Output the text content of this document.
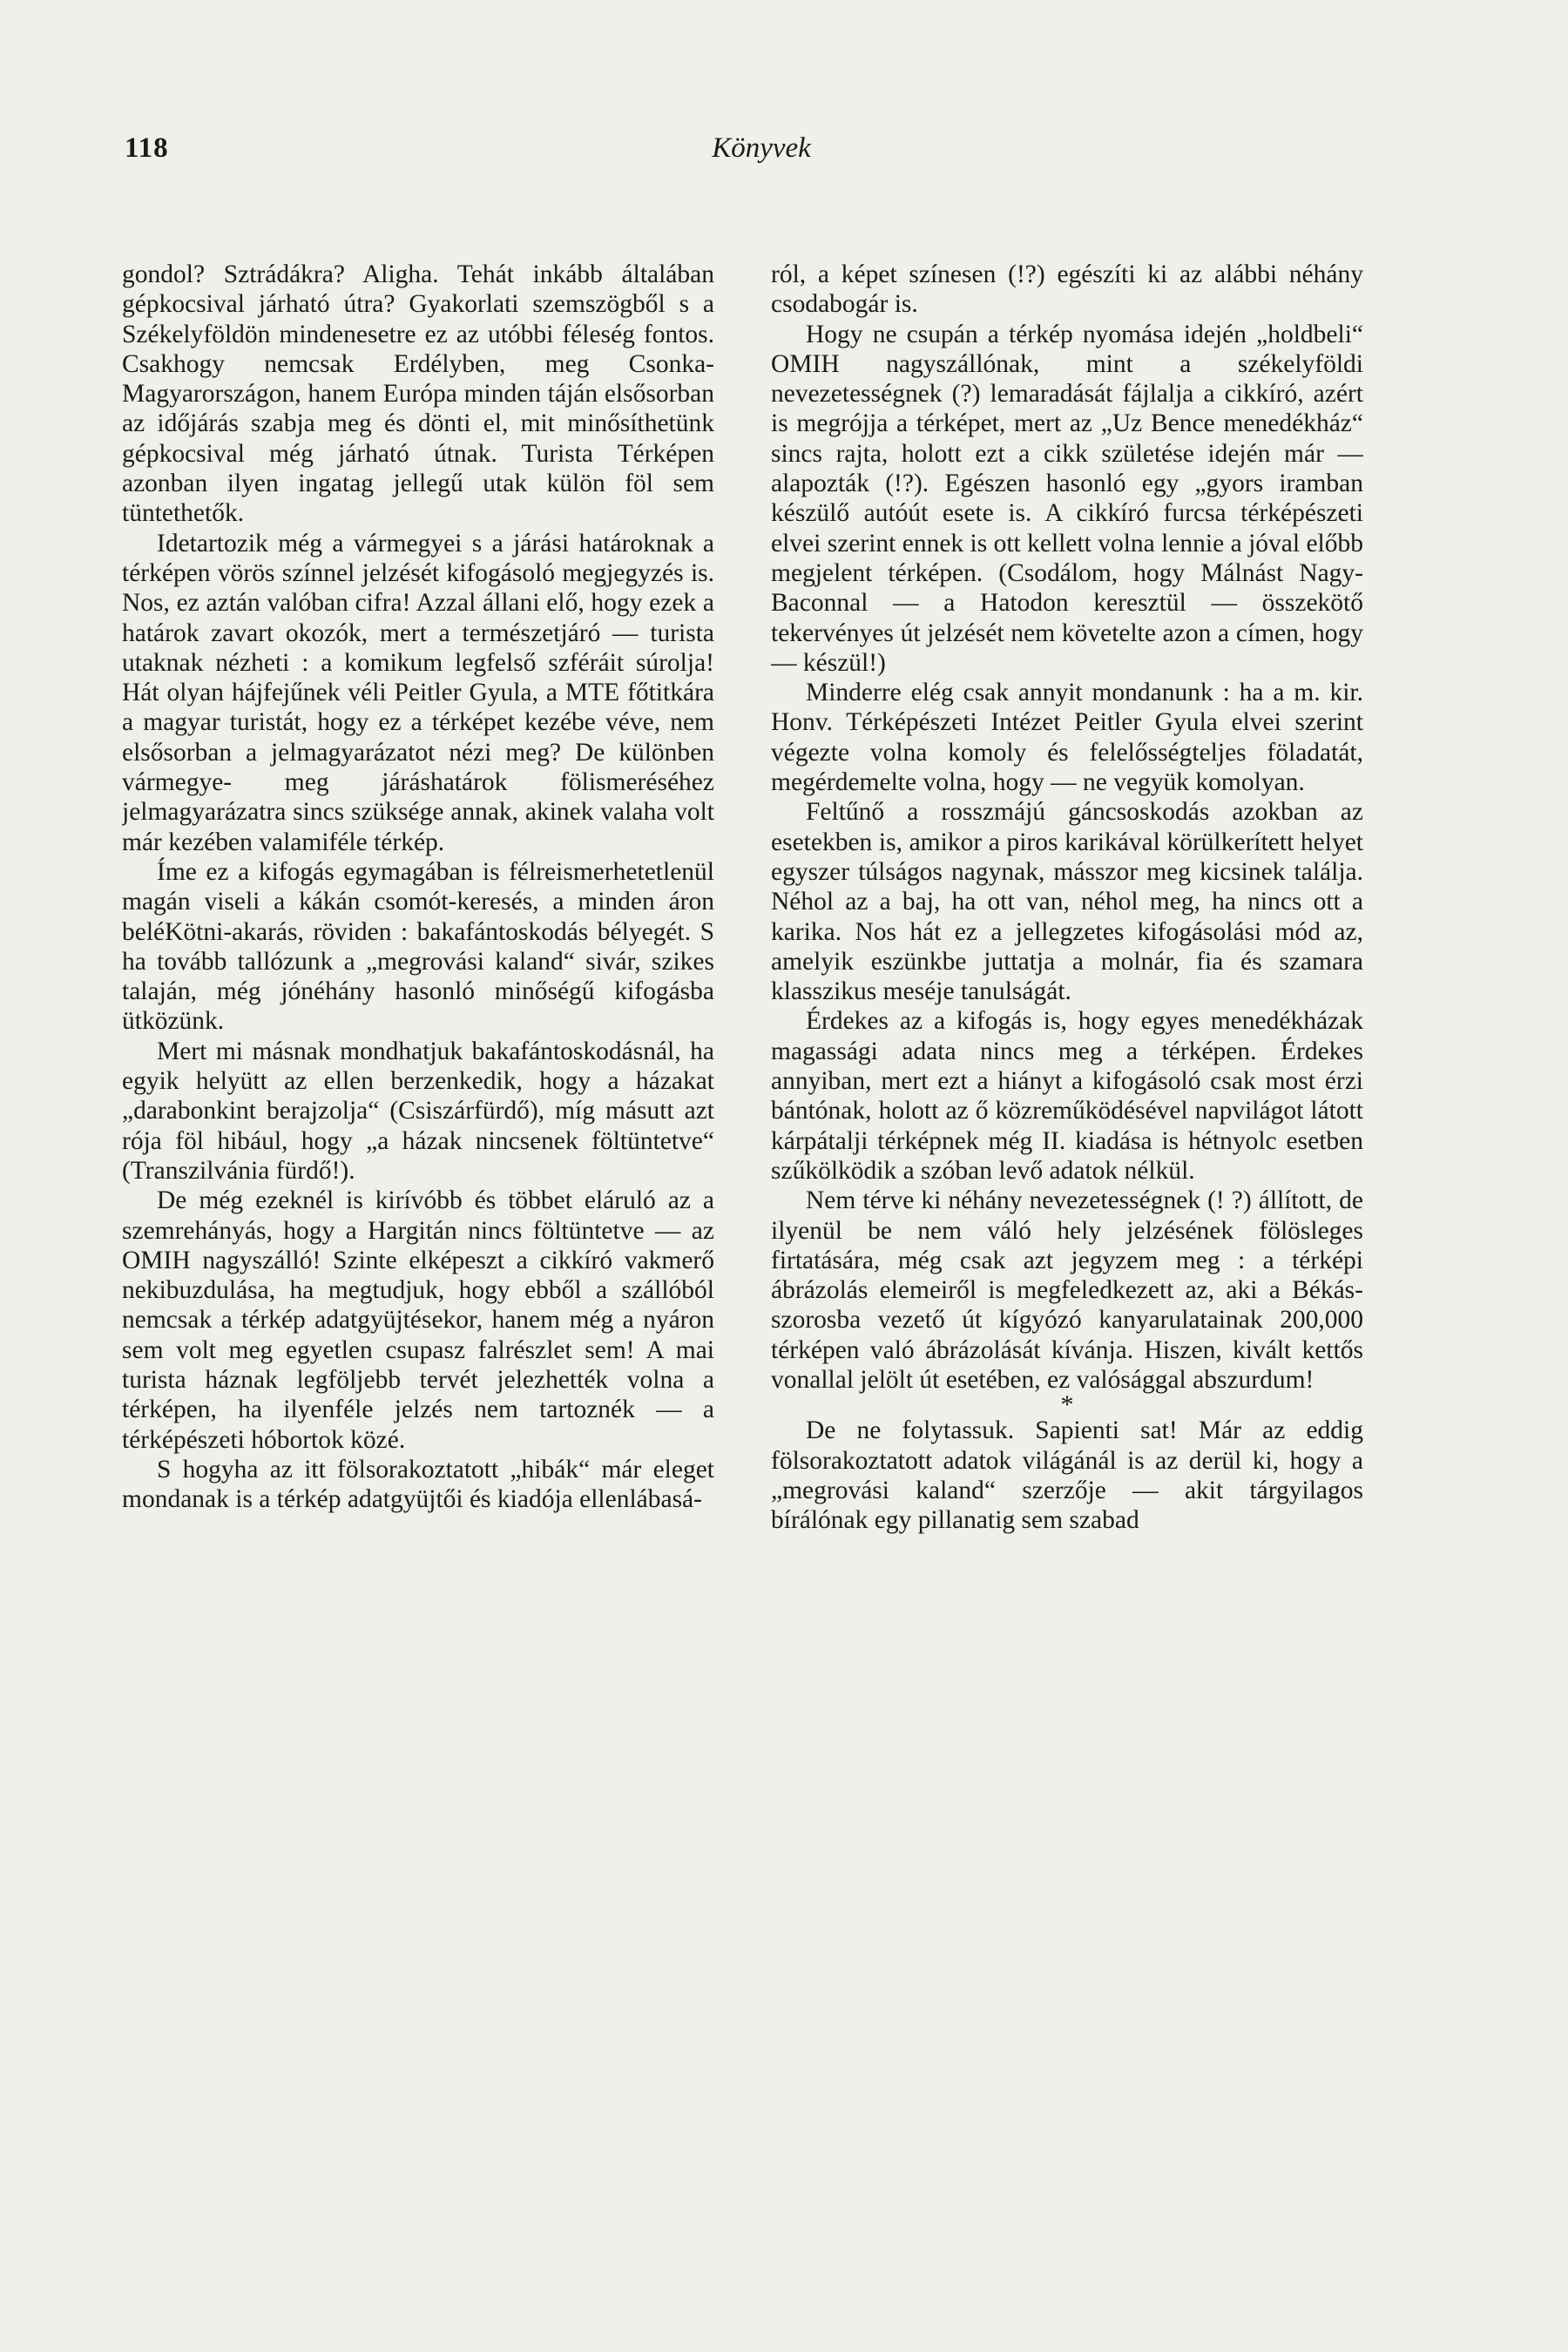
118	Könyvek

gondol? Sztrádákra? Aligha. Tehát inkább általában gépkocsival járható útra? Gyakorlati szemszögből s a Székelyföldön mindenesetre ez az utóbbi féleség fontos. Csakhogy nemcsak Erdélyben, meg Csonka-Magyarországon, hanem Európa minden táján elsősorban az időjárás szabja meg és dönti el, mit minősíthetünk gépkocsival még járható útnak. Turista Térképen azonban ilyen ingatag jellegű utak külön föl sem tüntethetők.

Idetartozik még a vármegyei s a járási határoknak a térképen vörös színnel jelzését kifogásoló megjegyzés is. Nos, ez aztán valóban cifra! Azzal állani elő, hogy ezek a határok zavart okozók, mert a természetjáró — turista utaknak nézheti : a komikum legfelső szféráit súrolja! Hát olyan hájfejűnek véli Peitler Gyula, a MTE főtitkára a magyar turistát, hogy ez a térképet kezébe véve, nem elsősorban a jelmagyarázatot nézi meg? De különben vármegye- meg járáshatárok fölismeréséhez jelmagyarázatra sincs szüksége annak, akinek valaha volt már kezében valamiféle térkép.

Íme ez a kifogás egymagában is félreismerhetetlenül magán viseli a kákán csomót-keresés, a minden áron beléKötni-akarás, röviden : bakafántoskodás bélyegét. S ha tovább tallózunk a „megrovási kaland“ sivár, szikes talaján, még jónéhány hasonló minőségű kifogásba ütközünk.

Mert mi másnak mondhatjuk bakafántoskodásnál, ha egyik helyütt az ellen berzenkedik, hogy a házakat „darabonkint berajzolja“ (Csiszárfürdő), míg másutt azt rója föl hibául, hogy „a házak nincsenek föltüntetve“ (Transzilvánia fürdő!).

De még ezeknél is kirívóbb és többet eláruló az a szemrehányás, hogy a Hargitán nincs föltüntetve — az OMIH nagyszálló! Szinte elképeszt a cikkíró vakmerő nekibuzdulása, ha megtudjuk, hogy ebből a szállóból nemcsak a térkép adatgyüjtésekor, hanem még a nyáron sem volt meg egyetlen csupasz falrészlet sem! A mai turista háznak legföljebb tervét jelezhették volna a térképen, ha ilyenféle jelzés nem tartoznék — a térképészeti hóbortok közé.

S hogyha az itt fölsorakoztatott „hibák“ már eleget mondanak is a térkép adatgyüjtői és kiadója ellenlábasá-

ról, a képet színesen (!?) egészíti ki az alábbi néhány csodabogár is.

Hogy ne csupán a térkép nyomása idején „holdbeli“ OMIH nagyszállónak, mint a székelyföldi nevezetességnek (?) lemaradását fájlalja a cikkíró, azért is megrójja a térképet, mert az „Uz Bence menedékház“ sincs rajta, holott ezt a cikk születése idején már — alapozták (!?). Egészen hasonló egy „gyors iramban készülő autóút esete is. A cikkíró furcsa térképészeti elvei szerint ennek is ott kellett volna lennie a jóval előbb megjelent térképen. (Csodálom, hogy Málnást Nagy-Baconnal — a Hatodon keresztül — összekötő tekervényes út jelzését nem követelte azon a címen, hogy — készül!)

Minderre elég csak annyit mondanunk : ha a m. kir. Honv. Térképészeti Intézet Peitler Gyula elvei szerint végezte volna komoly és felelősségteljes föladatát, megérdemelte volna, hogy — ne vegyük komolyan.

Feltűnő a rosszmájú gáncsoskodás azokban az esetekben is, amikor a piros karikával körülkerített helyet egyszer túlságos nagynak, másszor meg kicsinek találja. Néhol az a baj, ha ott van, néhol meg, ha nincs ott a karika. Nos hát ez a jellegzetes kifogásolási mód az, amelyik eszünkbe juttatja a molnár, fia és szamara klasszikus meséje tanulságát.

Érdekes az a kifogás is, hogy egyes menedékházak magassági adata nincs meg a térképen. Érdekes annyiban, mert ezt a hiányt a kifogásoló csak most érzi bántónak, holott az ő közreműködésével napvilágot látott kárpátalji térképnek még II. kiadása is hétnyolc esetben szűkölködik a szóban levő adatok nélkül.

Nem térve ki néhány nevezetességnek (! ?) állított, de ilyenül be nem váló hely jelzésének fölösleges firtatására, még csak azt jegyzem meg : a térképi ábrázolás elemeiről is megfeledkezett az, aki a Békás-szorosba vezető út kígyózó kanyarulatainak 200,000 térképen való ábrázolását kívánja. Hiszen, kivált kettős vonallal jelölt út esetében, ez valósággal abszurdum!

*

De ne folytassuk. Sapienti sat! Már az eddig fölsorakoztatott adatok világánál is az derül ki, hogy a „megrovási kaland“ szerzője — akit tárgyilagos bírálónak egy pillanatig sem szabad
